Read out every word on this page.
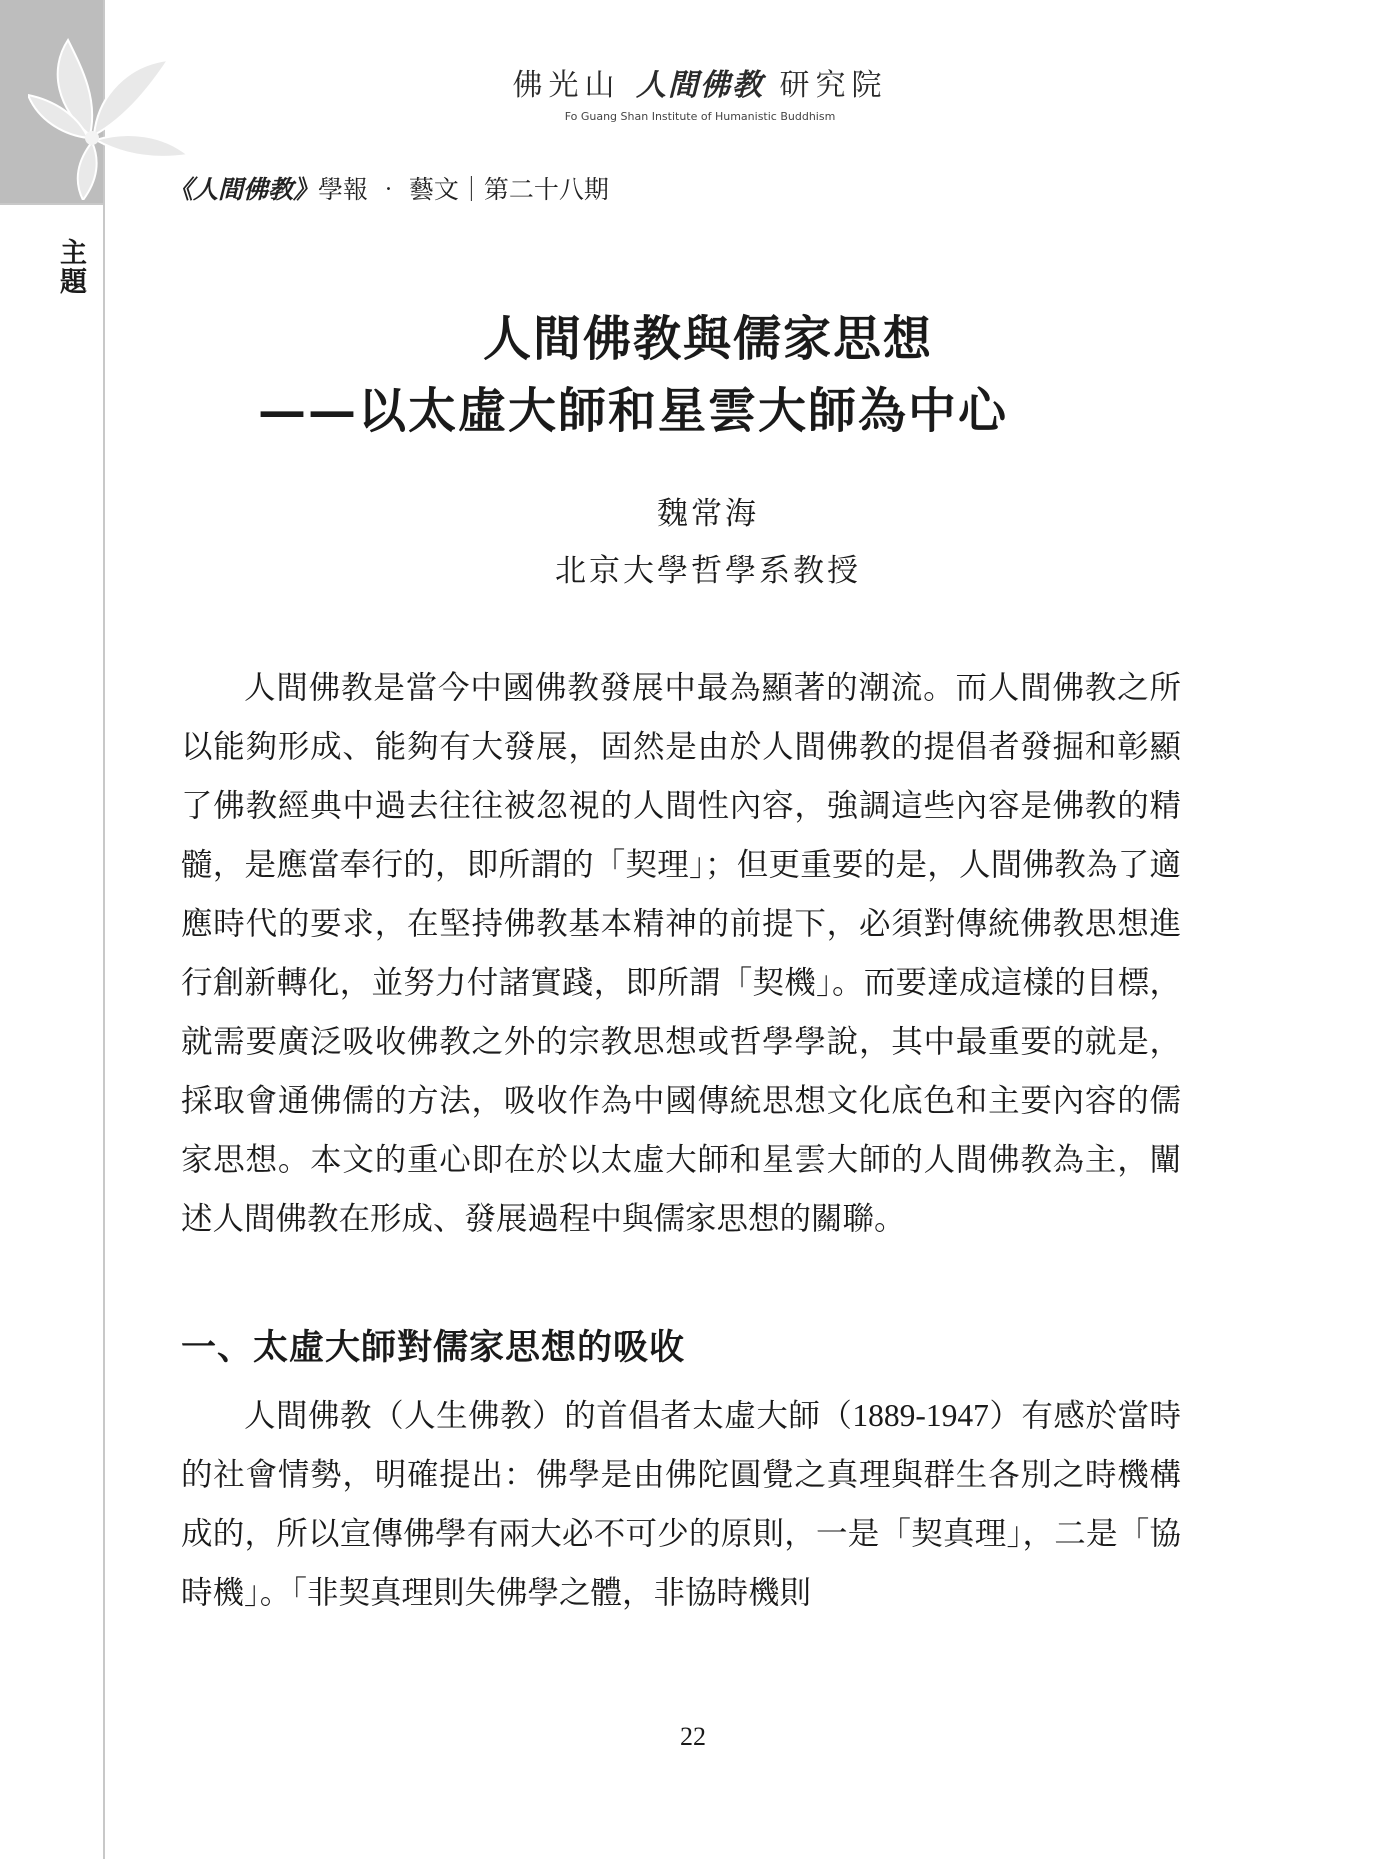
主題
佛光山 人間佛教 研究院
Fo Guang Shan Institute of Humanistic Buddhism
《人間佛教》學報 ‧ 藝文｜第二十八期
人間佛教與儒家思想
——以太虛大師和星雲大師為中心
魏常海
北京大學哲學系教授

人間佛教是當今中國佛教發展中最為顯著的潮流。而人間佛教之所以能夠形成、能夠有大發展，固然是由於人間佛教的提倡者發掘和彰顯了佛教經典中過去往往被忽視的人間性內容，強調這些內容是佛教的精髓，是應當奉行的，即所謂的「契理」；但更重要的是，人間佛教為了適應時代的要求，在堅持佛教基本精神的前提下，必須對傳統佛教思想進行創新轉化，並努力付諸實踐，即所謂「契機」。而要達成這樣的目標，就需要廣泛吸收佛教之外的宗教思想或哲學學說，其中最重要的就是，採取會通佛儒的方法，吸收作為中國傳統思想文化底色和主要內容的儒家思想。本文的重心即在於以太虛大師和星雲大師的人間佛教為主，闡述人間佛教在形成、發展過程中與儒家思想的關聯。

一、太虛大師對儒家思想的吸收

人間佛教（人生佛教）的首倡者太虛大師（1889-1947）有感於當時的社會情勢，明確提出：佛學是由佛陀圓覺之真理與群生各別之時機構成的，所以宣傳佛學有兩大必不可少的原則，一是「契真理」，二是「協時機」。「非契真理則失佛學之體，非協時機則

22
